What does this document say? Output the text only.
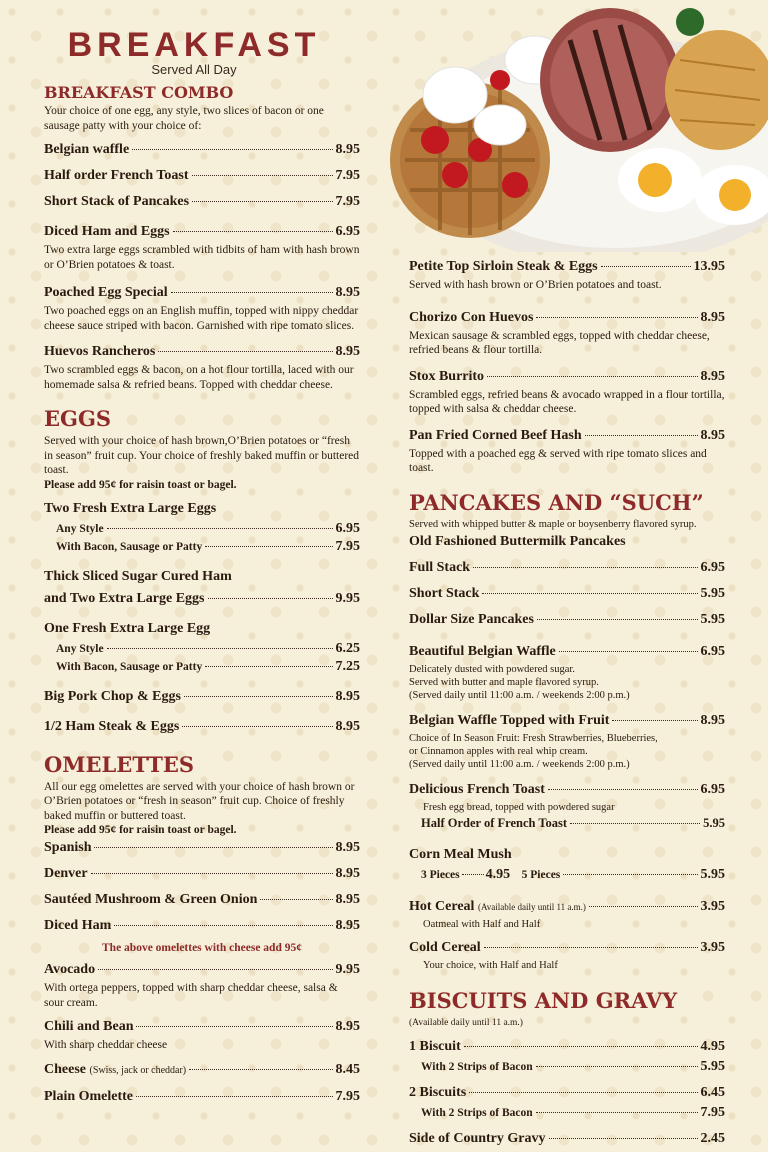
BREAKFAST
Served All Day
BREAKFAST COMBO

Your choice of one egg, any style, two slices of bacon or one sausage patty with your choice of:

Belgian waffle	8.95
Half order French Toast	7.95
Short Stack of Pancakes	7.95
Diced Ham and Eggs	6.95

Two extra large eggs scrambled with tidbits of ham with hash brown or O’Brien potatoes & toast.

Poached Egg Special	8.95

Two poached eggs on an English muffin, topped with nippy cheddar cheese sauce striped with bacon. Garnished with ripe tomato slices.

Huevos Rancheros	8.95

Two scrambled eggs & bacon, on a hot flour tortilla, laced with our homemade salsa & refried beans. Topped with cheddar cheese.

EGGS

Served with your choice of hash brown,O’Brien potatoes or “fresh in season” fruit cup. Your choice of freshly baked muffin or buttered toast.

Please add 95¢ for raisin toast or bagel.

Two Fresh Extra Large Eggs
Any Style	6.95
With Bacon, Sausage or Patty	7.95
Thick Sliced Sugar Cured Ham
and Two Extra Large Eggs	9.95
One Fresh Extra Large Egg
Any Style	6.25
With Bacon, Sausage or Patty	7.25
Big Pork Chop & Eggs	8.95
1/2 Ham Steak & Eggs	8.95
OMELETTES

All our egg omelettes are served with your choice of hash brown or O’Brien potatoes or “fresh in season” fruit cup. Choice of freshly baked muffin or buttered toast.

Please add 95¢ for raisin toast or bagel.

Spanish	8.95
Denver	8.95
Sautéed Mushroom & Green Onion	8.95
Diced Ham	8.95

The above omelettes with cheese add 95¢

Avocado	9.95

With ortega peppers, topped with sharp cheddar cheese, salsa & sour cream.

Chili and Bean	8.95

With sharp cheddar cheese

Cheese
(Swiss, jack or cheddar)	8.45
Plain Omelette	7.95
Petite Top Sirloin Steak & Eggs	13.95

Served with hash brown or O’Brien potatoes and toast.

Chorizo Con Huevos	8.95

Mexican sausage & scrambled eggs, topped with cheddar cheese, refried beans & flour tortilla.

Stox Burrito	8.95

Scrambled eggs, refried beans & avocado wrapped in a flour tortilla, topped with salsa & cheddar cheese.

Pan Fried Corned Beef Hash	8.95

Topped with a poached egg & served with ripe tomato slices and toast.

PANCAKES AND “SUCH”

Served with whipped butter & maple or boysenberry flavored syrup.

Old Fashioned Buttermilk Pancakes
Full Stack	6.95
Short Stack	5.95
Dollar Size Pancakes	5.95
Beautiful Belgian Waffle	6.95

Delicately dusted with powdered sugar.

Served with butter and maple flavored syrup.

(Served daily until 11:00 a.m. / weekends 2:00 p.m.)

Belgian Waffle Topped with Fruit	8.95

Choice of In Season Fruit: Fresh Strawberries, Blueberries,

or Cinnamon apples with real whip cream.

(Served daily until 11:00 a.m. / weekends 2:00 p.m.)

Delicious French Toast	6.95

Fresh egg bread, topped with powdered sugar

Half Order of French Toast	5.95
Corn Meal Mush
3 Pieces 4.95
5 Pieces	5.95
Hot Cereal
(Available daily until 11 a.m.)	3.95

Oatmeal with Half and Half

Cold Cereal	3.95

Your choice, with Half and Half

BISCUITS AND GRAVY

(Available daily until 11 a.m.)

1 Biscuit	4.95
With 2 Strips of Bacon	5.95
2 Biscuits	6.45
With 2 Strips of Bacon	7.95
Side of Country Gravy	2.45
